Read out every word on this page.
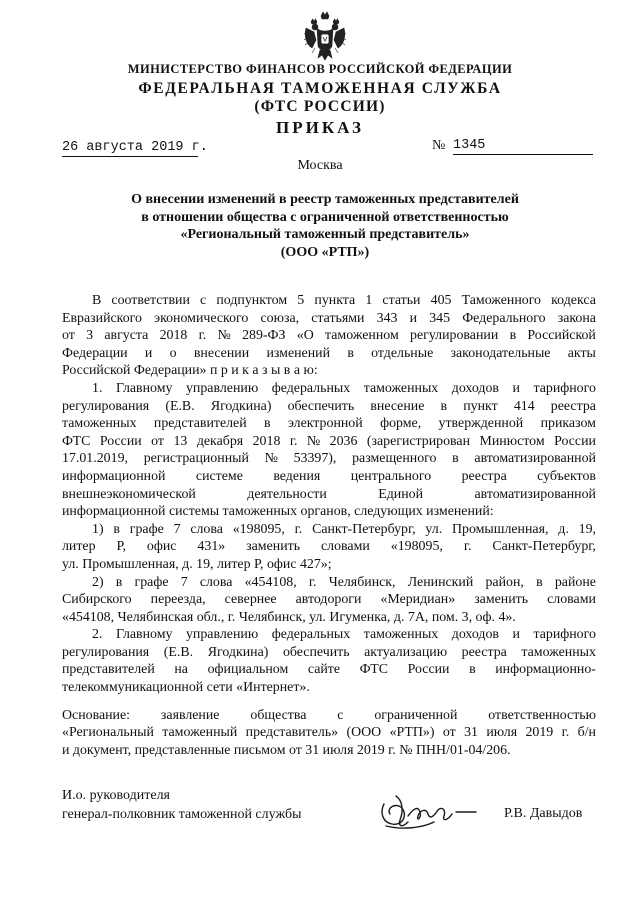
МИНИСТЕРСТВО ФИНАНСОВ РОССИЙСКОЙ ФЕДЕРАЦИИ
ФЕДЕРАЛЬНАЯ ТАМОЖЕННАЯ СЛУЖБА
(ФТС РОССИИ)
ПРИКАЗ
26 августа 2019 г.	№ 1345
Москва
О внесении изменений в реестр таможенных представителей
в отношении общества с ограниченной ответственностью
«Региональный таможенный представитель»
(ООО «РТП»)
В соответствии с подпунктом 5 пункта 1 статьи 405 Таможенного кодекса
Евразийского экономического союза, статьями 343 и 345 Федерального закона
от 3 августа 2018 г. № 289-ФЗ «О таможенном регулировании в Российской
Федерации и о внесении изменений в отдельные законодательные акты
Российской Федерации» п р и к а з ы в а ю:
1. Главному управлению федеральных таможенных доходов и тарифного
регулирования (Е.В. Ягодкина) обеспечить внесение в пункт 414 реестра
таможенных представителей в электронной форме, утвержденной приказом
ФТС России от 13 декабря 2018 г. № 2036 (зарегистрирован Минюстом России
17.01.2019, регистрационный № 53397), размещенного в автоматизированной
информационной системе ведения центрального реестра субъектов
внешнеэкономической	деятельности	Единой	автоматизированной
информационной системы таможенных органов, следующих изменений:
1) в графе 7 слова «198095, г. Санкт-Петербург, ул. Промышленная, д. 19,
литер Р, офис 431» заменить словами «198095, г. Санкт-Петербург,
ул. Промышленная, д. 19, литер Р, офис 427»;
2) в графе 7 слова «454108, г. Челябинск, Ленинский район, в районе
Сибирского переезда, севернее автодороги «Меридиан» заменить словами
«454108, Челябинская обл., г. Челябинск, ул. Игуменка, д. 7А, пом. 3, оф. 4».
2. Главному управлению федеральных таможенных доходов и тарифного
регулирования (Е.В. Ягодкина) обеспечить актуализацию реестра таможенных
представителей на официальном сайте ФТС России в информационно-
телекоммуникационной сети «Интернет».
Основание: заявление общества с ограниченной ответственностью
«Региональный таможенный представитель» (ООО «РТП») от 31 июля 2019 г. б/н
и документ, представленные письмом от 31 июля 2019 г. № ПНН/01-04/206.
И.о. руководителя
генерал-полковник таможенной службы	Р.В. Давыдов
